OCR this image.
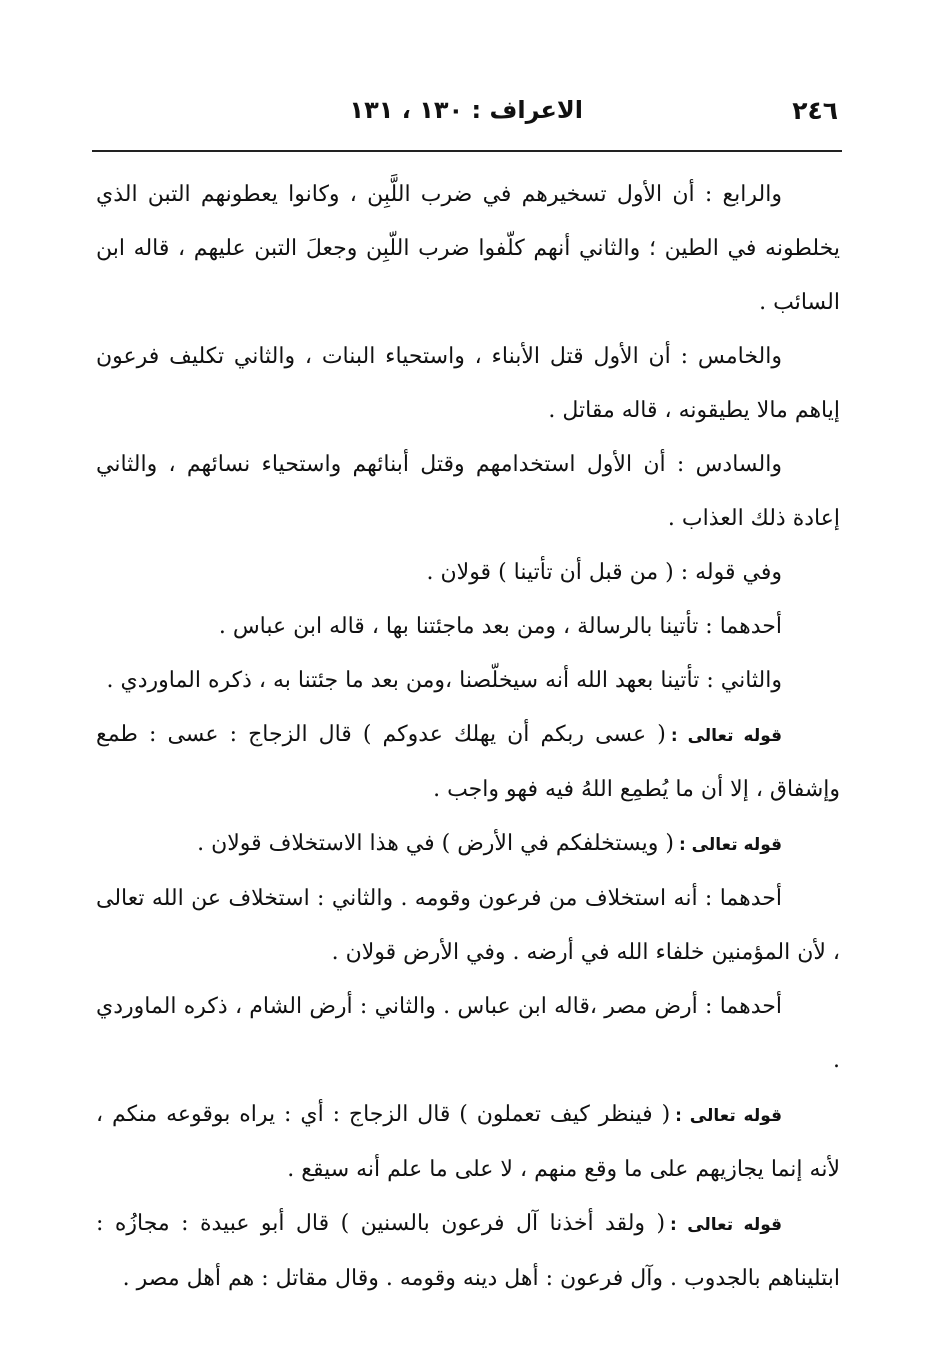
٢٤٦
الاعراف : ١٣٠ ، ١٣١

والرابع : أن الأول تسخيرهم في ضرب اللَّبِن ، وكانوا يعطونهم التبن الذي يخلطونه في الطين ؛ والثاني أنهم كلّفوا ضرب اللّبِن وجعلَ التبن عليهم ، قاله ابن السائب .

والخامس : أن الأول قتل الأبناء ، واستحياء البنات ، والثاني تكليف فرعون إياهم مالا يطيقونه ، قاله مقاتل .

والسادس : أن الأول استخدامهم وقتل أبنائهم واستحياء نسائهم ، والثاني إعادة ذلك العذاب .

وفي قوله : ( من قبل أن تأتينا ) قولان .

أحدهما : تأتينا بالرسالة ، ومن بعد ماجئتنا بها ، قاله ابن عباس .

والثاني : تأتينا بعهد الله أنه سيخلّصنا ،ومن بعد ما جئتنا به ، ذكره الماوردي .

قوله تعالى :( عسى ربكم أن يهلك عدوكم ) قال الزجاج : عسى : طمع وإشفاق ، إلا أن ما يُطمِع اللهُ فيه فهو واجب .

قوله تعالى :( ويستخلفكم في الأرض ) في هذا الاستخلاف قولان .

أحدهما : أنه استخلاف من فرعون وقومه . والثاني : استخلاف عن الله تعالى ، لأن المؤمنين خلفاء الله في أرضه . وفي الأرض قولان .

أحدهما : أرض مصر ،قاله ابن عباس . والثاني : أرض الشام ، ذكره الماوردي .

قوله تعالى :( فينظر كيف تعملون ) قال الزجاج : أي : يراه بوقوعه منكم ، لأنه إنما يجازيهم على ما وقع منهم ، لا على ما علم أنه سيقع .

قوله تعالى :( ولقد أخذنا آل فرعون بالسنين ) قال أبو عبيدة : مجازُه : ابتليناهم بالجدوب . وآل فرعون : أهل دينه وقومه . وقال مقاتل : هم أهل مصر .
